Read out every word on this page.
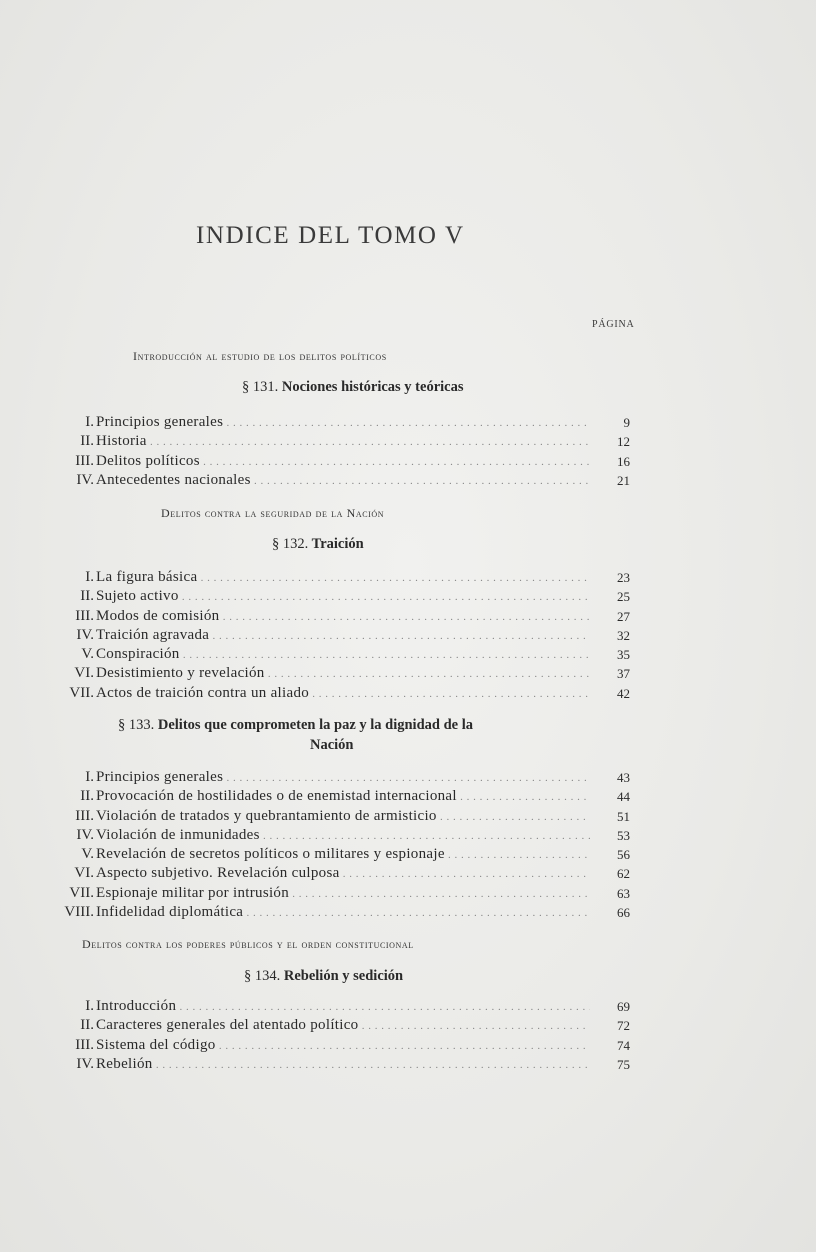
INDICE DEL TOMO V
PÁGINA
Introducción al estudio de los delitos políticos
§ 131. Nociones históricas y teóricas
I. Principios generales . . .	9
II. Historia . . .	12
III. Delitos políticos . . .	16
IV. Antecedentes nacionales . . .	21
Delitos contra la seguridad de la Nación
§ 132. Traición
I. La figura básica . . .	23
II. Sujeto activo . . .	25
III. Modos de comisión . . .	27
IV. Traición agravada . . .	32
V. Conspiración . . .	35
VI. Desistimiento y revelación . . .	37
VII. Actos de traición contra un aliado . . .	42
§ 133. Delitos que comprometen la paz y la dignidad de la
Nación
I. Principios generales . . .	43
II. Provocación de hostilidades o de enemistad internacional . . .	44
III. Violación de tratados y quebrantamiento de armisticio . . .	51
IV. Violación de inmunidades . . .	53
V. Revelación de secretos políticos o militares y espionaje . . .	56
VI. Aspecto subjetivo. Revelación culposa . . .	62
VII. Espionaje militar por intrusión . . .	63
VIII. Infidelidad diplomática . . .	66
Delitos contra los poderes públicos y el orden constitucional
§ 134. Rebelión y sedición
I. Introducción . . .	69
II. Caracteres generales del atentado político . . .	72
III. Sistema del código . . .	74
IV. Rebelión . . .	75
